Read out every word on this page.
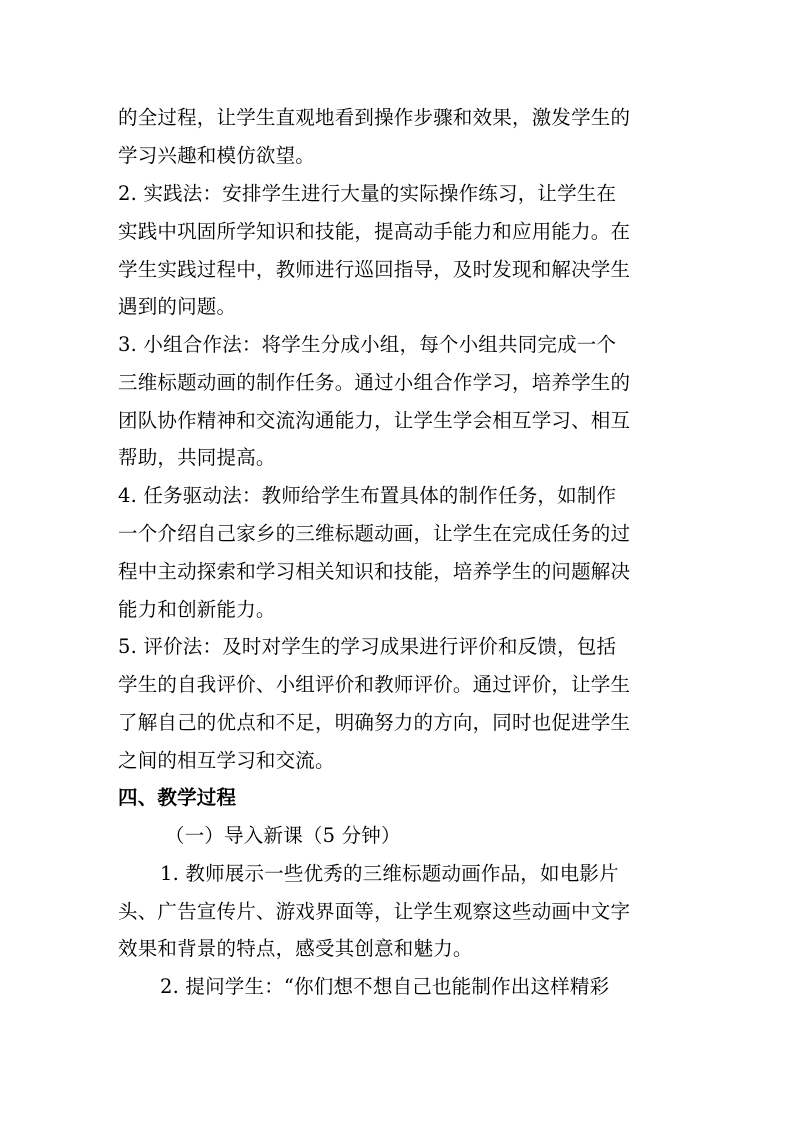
的全过程，让学生直观地看到操作步骤和效果，激发学生的
学习兴趣和模仿欲望。
2. 实践法：安排学生进行大量的实际操作练习，让学生在
实践中巩固所学知识和技能，提高动手能力和应用能力。在
学生实践过程中，教师进行巡回指导，及时发现和解决学生
遇到的问题。
3. 小组合作法：将学生分成小组，每个小组共同完成一个
三维标题动画的制作任务。通过小组合作学习，培养学生的
团队协作精神和交流沟通能力，让学生学会相互学习、相互
帮助，共同提高。
4. 任务驱动法：教师给学生布置具体的制作任务，如制作
一个介绍自己家乡的三维标题动画，让学生在完成任务的过
程中主动探索和学习相关知识和技能，培养学生的问题解决
能力和创新能力。
5. 评价法：及时对学生的学习成果进行评价和反馈，包括
学生的自我评价、小组评价和教师评价。通过评价，让学生
了解自己的优点和不足，明确努力的方向，同时也促进学生
之间的相互学习和交流。
四、教学过程
（一）导入新课（5 分钟）
1. 教师展示一些优秀的三维标题动画作品，如电影片
头、广告宣传片、游戏界面等，让学生观察这些动画中文字
效果和背景的特点，感受其创意和魅力。
2. 提问学生：“你们想不想自己也能制作出这样精彩
